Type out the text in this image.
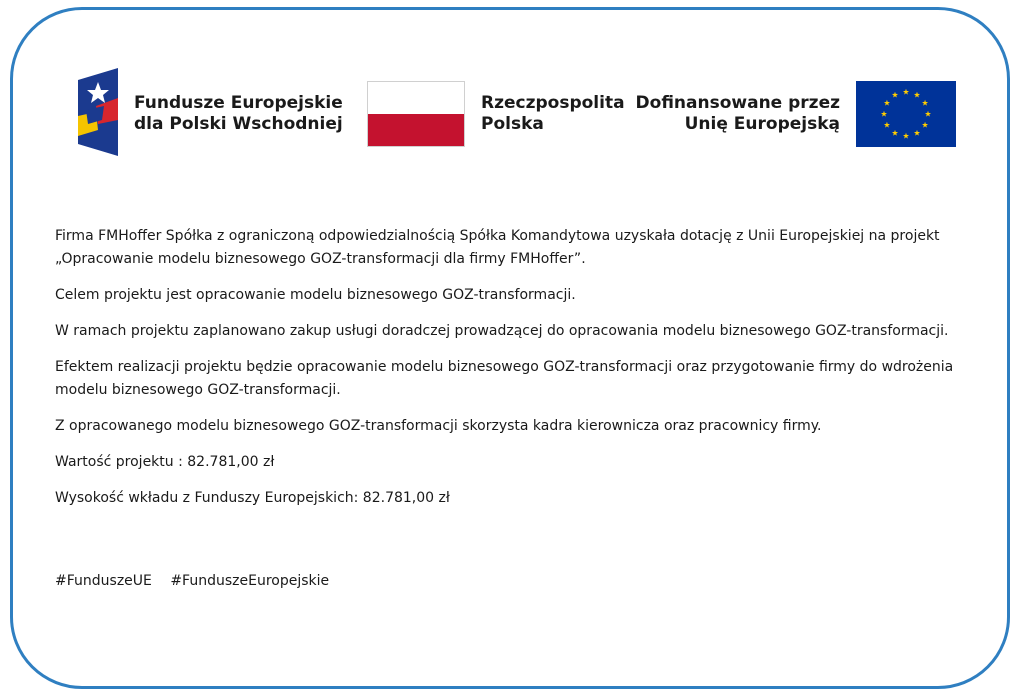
Fundusze Europejskie
dla Polski Wschodniej
Rzeczpospolita
Polska
Dofinansowane przez
Unię Europejską

Firma FMHoffer Spółka z ograniczoną odpowiedzialnością Spółka Komandytowa uzyskała dotację z Unii Europejskiej na projekt „Opracowanie modelu biznesowego GOZ-transformacji dla firmy FMHoffer”.

Celem projektu jest opracowanie modelu biznesowego GOZ-transformacji.

W ramach projektu zaplanowano zakup usługi doradczej prowadzącej do opracowania modelu biznesowego GOZ-transformacji.

Efektem realizacji projektu będzie opracowanie modelu biznesowego GOZ-transformacji oraz przygotowanie firmy do wdrożenia modelu biznesowego GOZ-transformacji.

Z opracowanego modelu biznesowego GOZ-transformacji skorzysta kadra kierownicza oraz pracownicy firmy.

Wartość projektu : 82.781,00 zł

Wysokość wkładu z Funduszy Europejskich: 82.781,00 zł

#FunduszeUE #FunduszeEuropejskie
